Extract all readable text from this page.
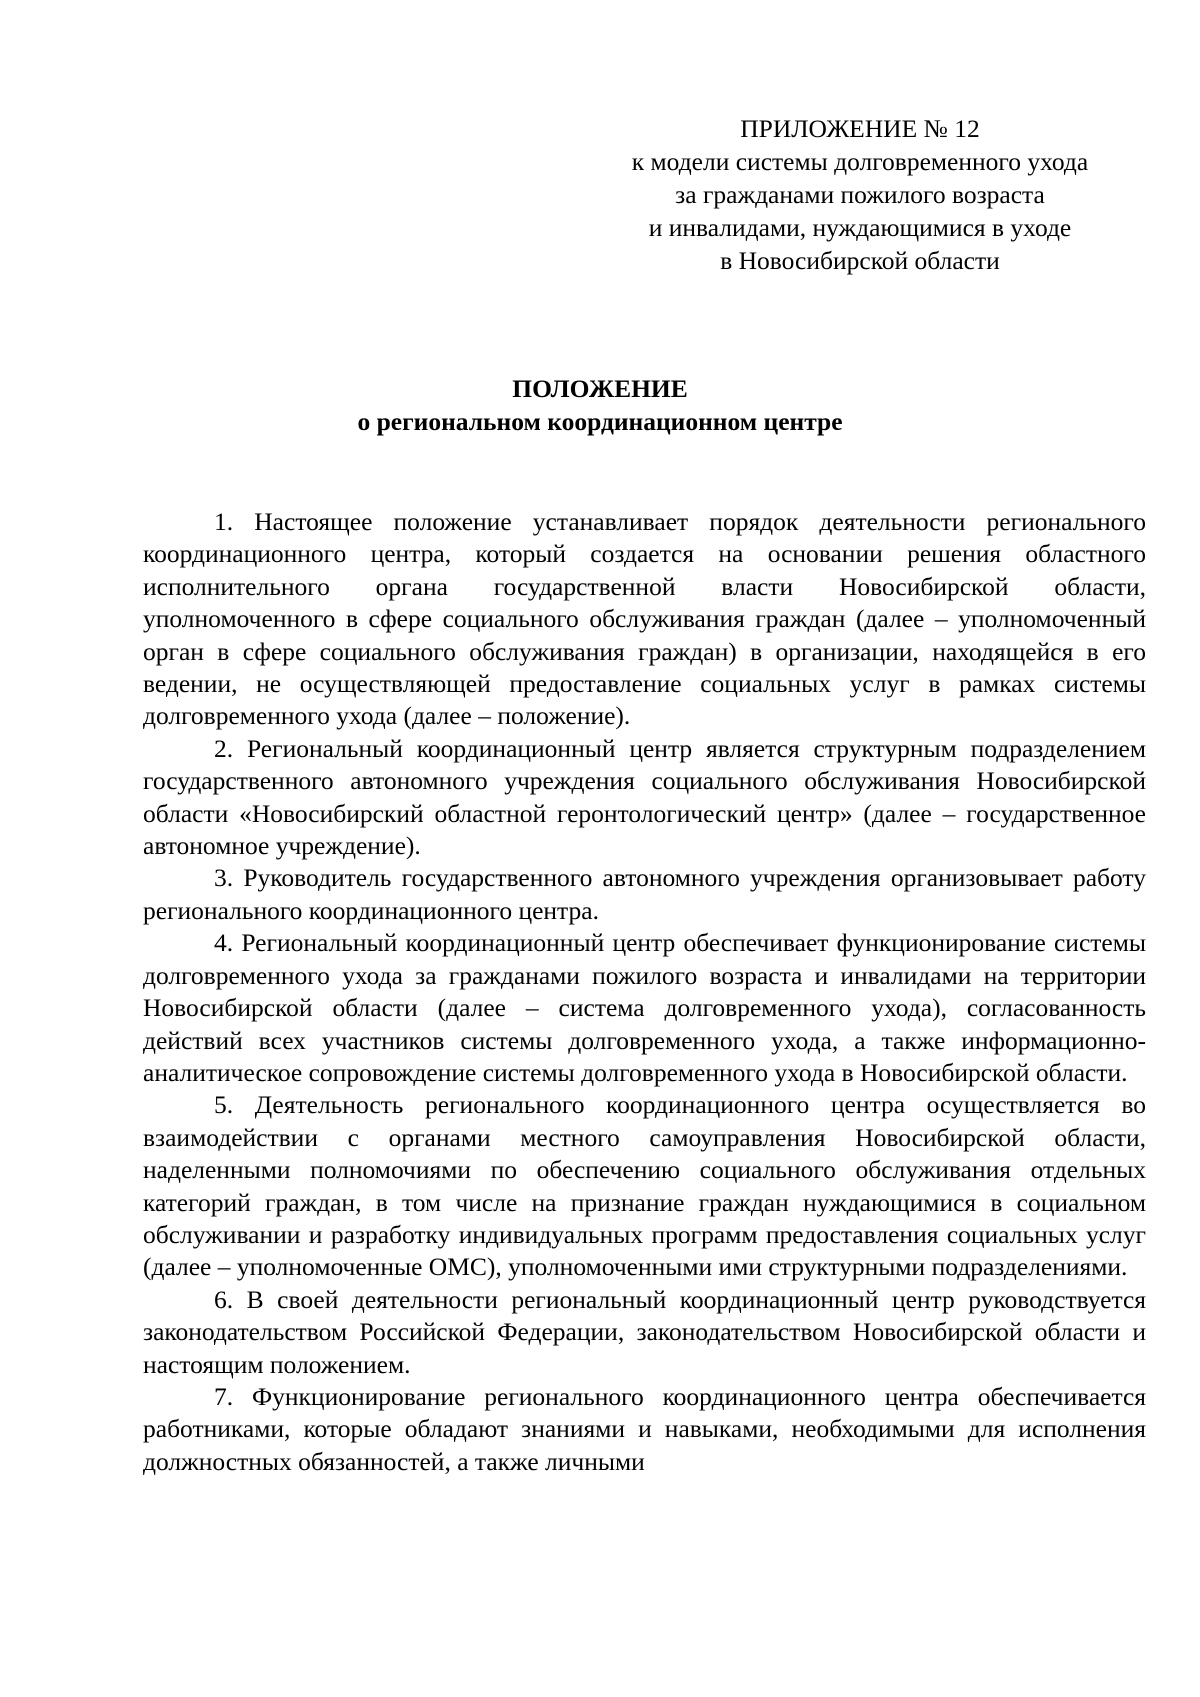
ПРИЛОЖЕНИЕ № 12
к модели системы долговременного ухода
за гражданами пожилого возраста
и инвалидами, нуждающимися в уходе
в Новосибирской области
ПОЛОЖЕНИЕ
о региональном координационном центре

1. Настоящее положение устанавливает порядок деятельности регионального координационного центра, который создается на основании решения областного исполнительного органа государственной власти Новосибирской области, уполномоченного в сфере социального обслуживания граждан (далее – уполномоченный орган в сфере социального обслуживания граждан) в организации, находящейся в его ведении, не осуществляющей предоставление социальных услуг в рамках системы долговременного ухода (далее – положение).

2. Региональный координационный центр является структурным подразделением государственного автономного учреждения социального обслуживания Новосибирской области «Новосибирский областной геронтологический центр» (далее – государственное автономное учреждение).

3. Руководитель государственного автономного учреждения организовывает работу регионального координационного центра.

4. Региональный координационный центр обеспечивает функционирование системы долговременного ухода за гражданами пожилого возраста и инвалидами на территории Новосибирской области (далее – система долговременного ухода), согласованность действий всех участников системы долговременного ухода, а также информационно-аналитическое сопровождение системы долговременного ухода в Новосибирской области.

5. Деятельность регионального координационного центра осуществляется во взаимодействии с органами местного самоуправления Новосибирской области, наделенными полномочиями по обеспечению социального обслуживания отдельных категорий граждан, в том числе на признание граждан нуждающимися в социальном обслуживании и разработку индивидуальных программ предоставления социальных услуг (далее – уполномоченные ОМС), уполномоченными ими структурными подразделениями.

6. В своей деятельности региональный координационный центр руководствуется законодательством Российской Федерации, законодательством Новосибирской области и настоящим положением.

7. Функционирование регионального координационного центра обеспечивается работниками, которые обладают знаниями и навыками, необходимыми для исполнения должностных обязанностей, а также личными
